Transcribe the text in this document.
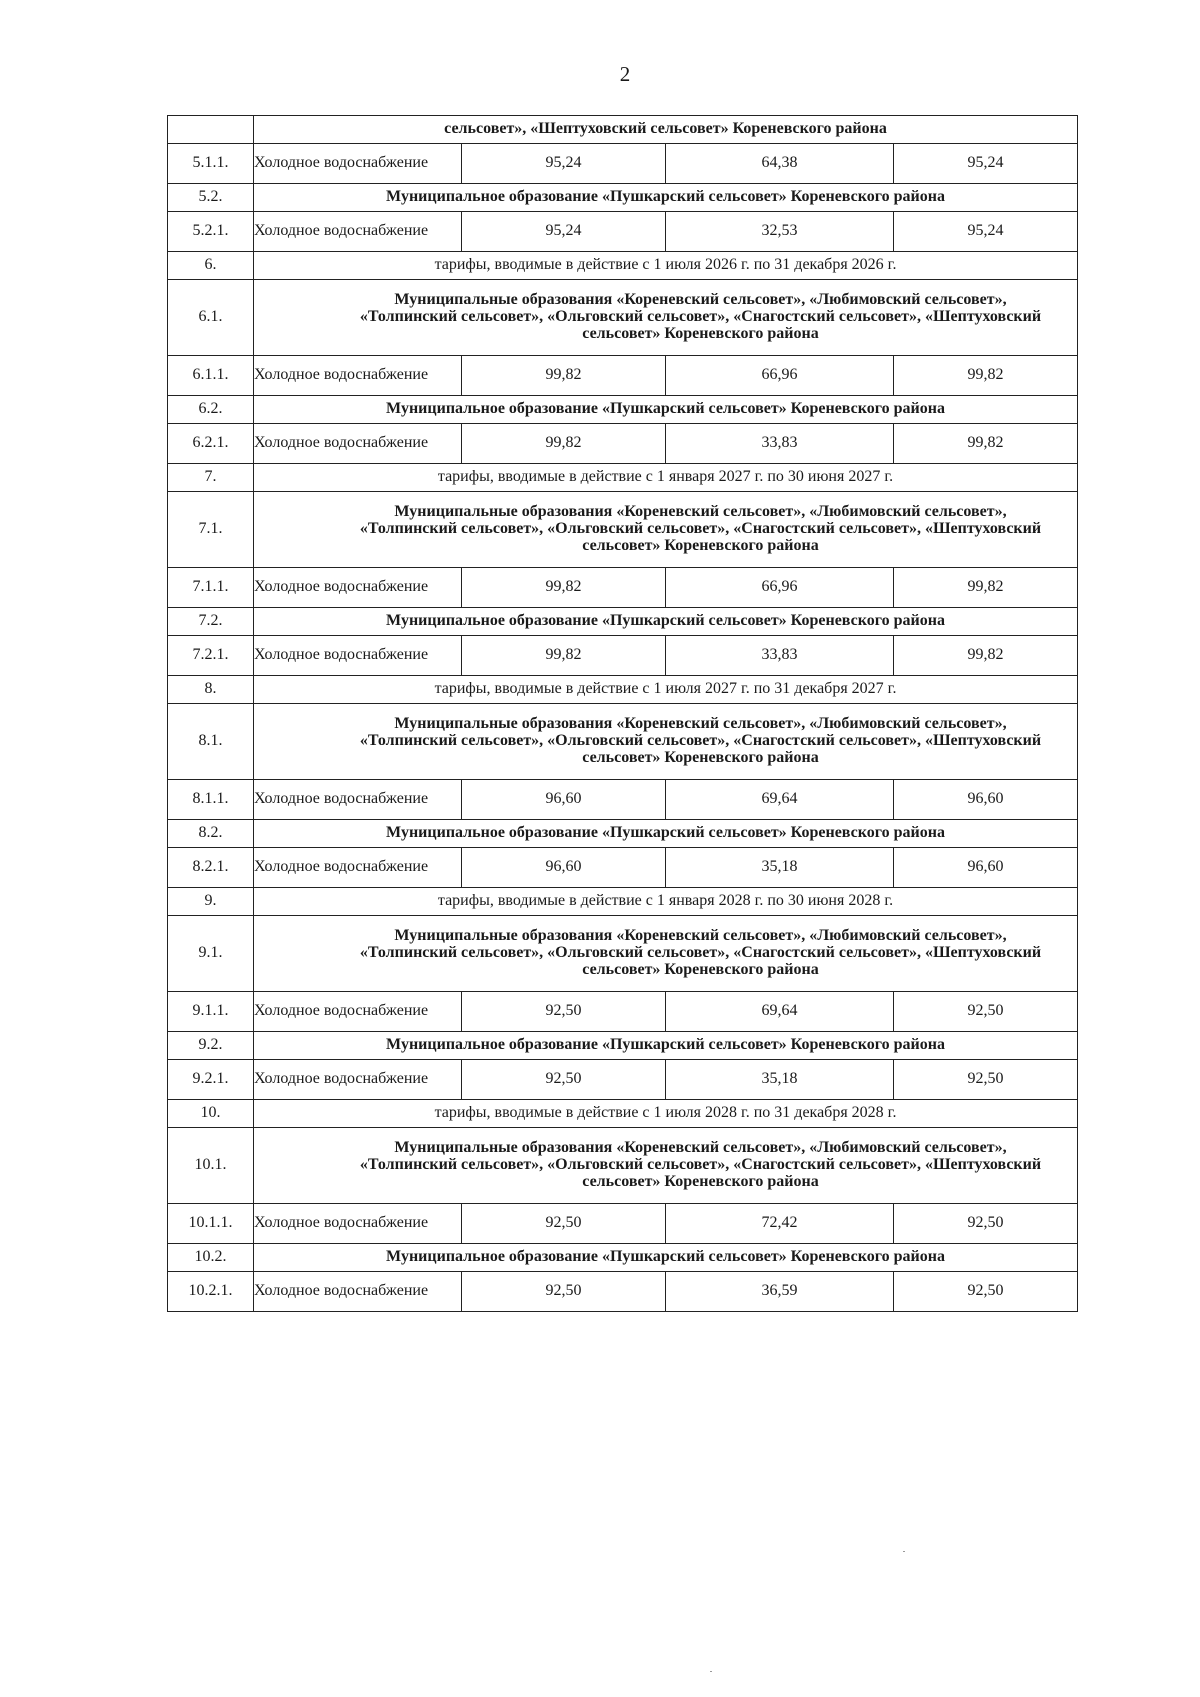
2
	сельсовет», «Шептуховский сельсовет» Кореневского района			
5.1.1.	Холодное водоснабжение	95,24	64,38	95,24
5.2.	Муниципальное образование «Пушкарский сельсовет» Кореневского района			
5.2.1.	Холодное водоснабжение	95,24	32,53	95,24
6.	тарифы, вводимые в действие с 1 июля 2026 г. по 31 декабря 2026 г.			
6.1.	Муниципальные образования «Кореневский сельсовет», «Любимовский сельсовет», «Толпинский сельсовет», «Ольговский сельсовет», «Снагостский сельсовет», «Шептуховский сельсовет» Кореневского района			
6.1.1.	Холодное водоснабжение	99,82	66,96	99,82
6.2.	Муниципальное образование «Пушкарский сельсовет» Кореневского района			
6.2.1.	Холодное водоснабжение	99,82	33,83	99,82
7.	тарифы, вводимые в действие с 1 января 2027 г. по 30 июня 2027 г.			
7.1.	Муниципальные образования «Кореневский сельсовет», «Любимовский сельсовет», «Толпинский сельсовет», «Ольговский сельсовет», «Снагостский сельсовет», «Шептуховский сельсовет» Кореневского района			
7.1.1.	Холодное водоснабжение	99,82	66,96	99,82
7.2.	Муниципальное образование «Пушкарский сельсовет» Кореневского района			
7.2.1.	Холодное водоснабжение	99,82	33,83	99,82
8.	тарифы, вводимые в действие с 1 июля 2027 г. по 31 декабря 2027 г.			
8.1.	Муниципальные образования «Кореневский сельсовет», «Любимовский сельсовет», «Толпинский сельсовет», «Ольговский сельсовет», «Снагостский сельсовет», «Шептуховский сельсовет» Кореневского района			
8.1.1.	Холодное водоснабжение	96,60	69,64	96,60
8.2.	Муниципальное образование «Пушкарский сельсовет» Кореневского района			
8.2.1.	Холодное водоснабжение	96,60	35,18	96,60
9.	тарифы, вводимые в действие с 1 января 2028 г. по 30 июня 2028 г.			
9.1.	Муниципальные образования «Кореневский сельсовет», «Любимовский сельсовет», «Толпинский сельсовет», «Ольговский сельсовет», «Снагостский сельсовет», «Шептуховский сельсовет» Кореневского района			
9.1.1.	Холодное водоснабжение	92,50	69,64	92,50
9.2.	Муниципальное образование «Пушкарский сельсовет» Кореневского района			
9.2.1.	Холодное водоснабжение	92,50	35,18	92,50
10.	тарифы, вводимые в действие с 1 июля 2028 г. по 31 декабря 2028 г.			
10.1.	Муниципальные образования «Кореневский сельсовет», «Любимовский сельсовет», «Толпинский сельсовет», «Ольговский сельсовет», «Снагостский сельсовет», «Шептуховский сельсовет» Кореневского района			
10.1.1.	Холодное водоснабжение	92,50	72,42	92,50
10.2.	Муниципальное образование «Пушкарский сельсовет» Кореневского района			
10.2.1.	Холодное водоснабжение	92,50	36,59	92,50
